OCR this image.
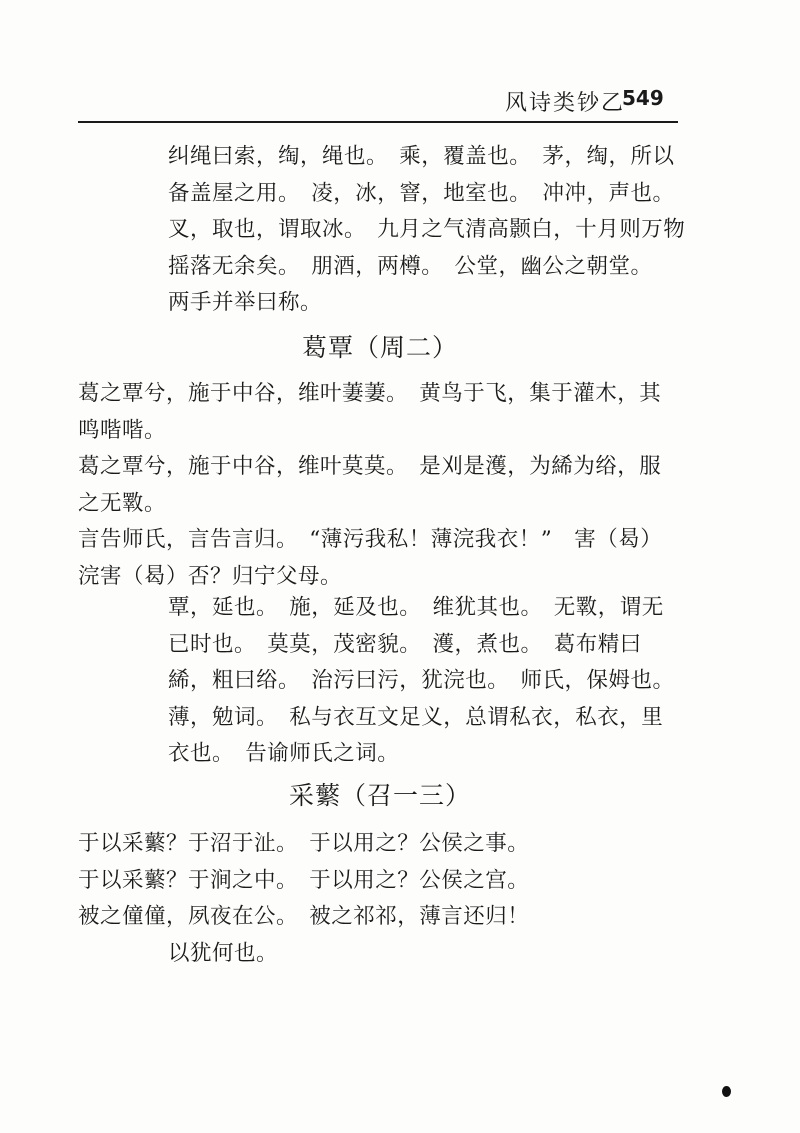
风诗类钞乙
549
纠绳曰索，绹，绳也。　乘，覆盖也。　茅，绹，所以
备盖屋之用。　凌，冰，窨，地室也。　冲冲，声也。
叉，取也，谓取冰。　九月之气清高颢白，十月则万物
摇落无余矣。　朋酒，两樽。　公堂，幽公之朝堂。
两手并举曰称。
葛覃（周二）

葛之覃兮，施于中谷，维叶萋萋。　黄鸟于飞，集于灌木，其鸣喈喈。

葛之覃兮，施于中谷，维叶莫莫。　是刈是濩，为絺为绤，服之无斁。

言告师氏，言告言归。　“薄污我私！薄浣我衣！”　害（曷）浣害（曷）否？归宁父母。

覃，延也。　施，延及也。　维犹其也。　无斁，谓无
已时也。　莫莫，茂密貌。　濩，煮也。　葛布精曰
絺，粗曰绤。　治污曰污，犹浣也。　师氏，保姆也。
薄，勉词。　私与衣互文足义，总谓私衣，私衣，里
衣也。　告谕师氏之词。
采蘩（召一三）

于以采蘩？于沼于沚。　于以用之？公侯之事。

于以采蘩？于涧之中。　于以用之？公侯之宫。

被之僮僮，夙夜在公。　被之祁祁，薄言还归！

以犹何也。
